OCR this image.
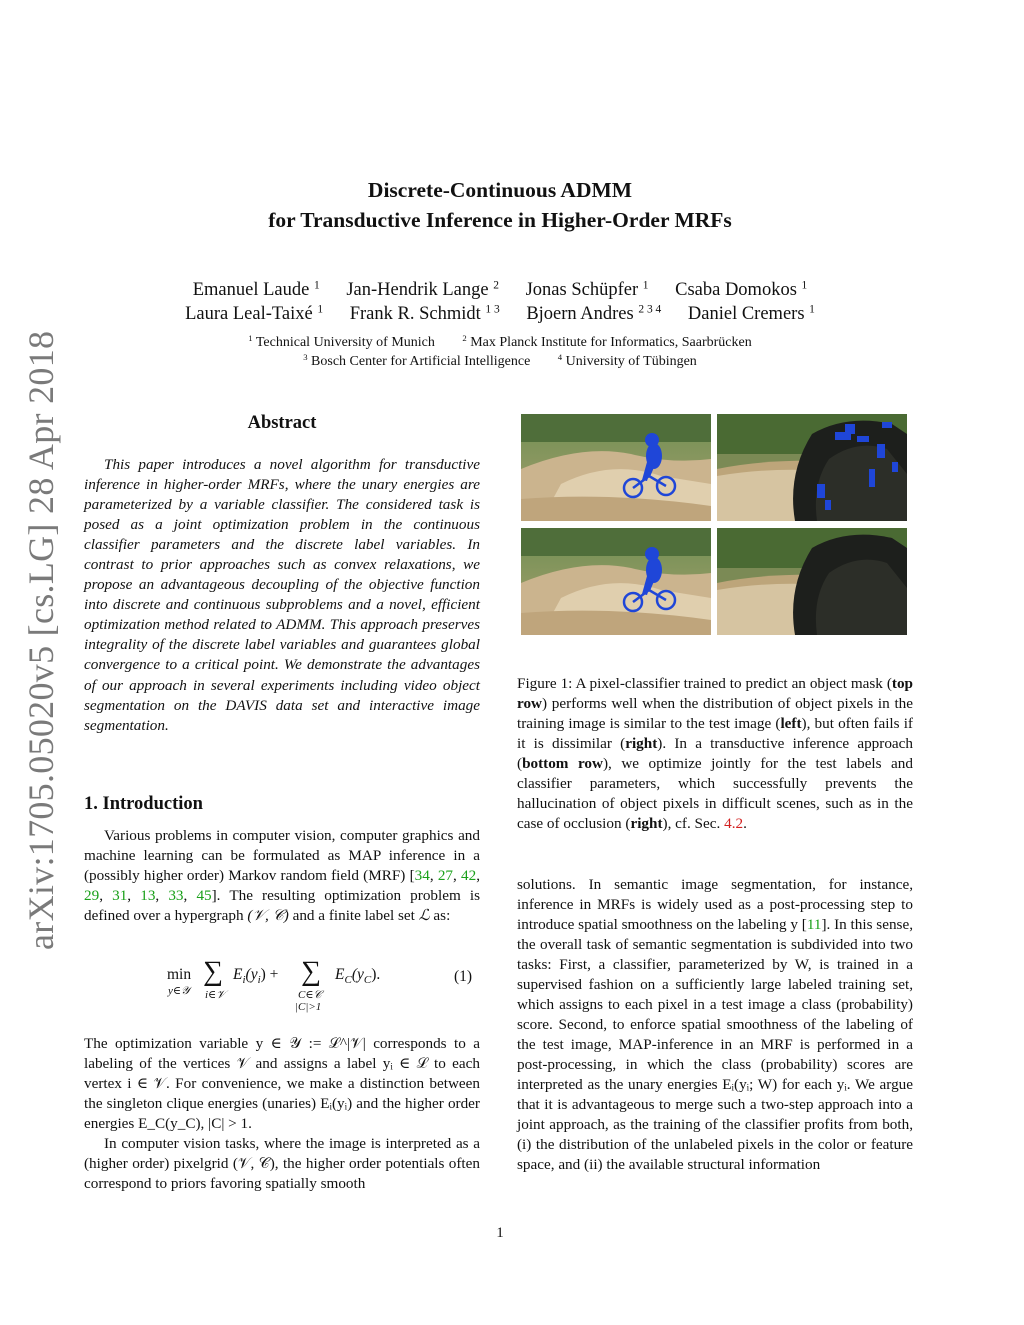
arXiv:1705.05020v5 [cs.LG] 28 Apr 2018
Discrete-Continuous ADMM
for Transductive Inference in Higher-Order MRFs
Emanuel Laude $^1$ Jan-Hendrik Lange $^2$ Jonas Schüpfer $^1$ Csaba Domokos $^1$
Laura Leal-Taixé $^1$ Frank R. Schmidt $^{1 3}$ Bjoern Andres $^{2 3 4}$ Daniel Cremers $^1$
$^1$ Technical University of Munich	$^2$ Max Planck Institute for Informatics, Saarbrücken
$^3$ Bosch Center for Artificial Intelligence	$^4$ University of Tübingen
Abstract
This paper introduces a novel algorithm for transductive inference in higher-order MRFs, where the unary energies are parameterized by a variable classifier. The considered task is posed as a joint optimization problem in the continuous classifier parameters and the discrete label variables. In contrast to prior approaches such as convex relaxations, we propose an advantageous decoupling of the objective function into discrete and continuous subproblems and a novel, efficient optimization method related to ADMM. This approach preserves integrality of the discrete label variables and guarantees global convergence to a critical point. We demonstrate the advantages of our approach in several experiments including video object segmentation on the DAVIS data set and interactive image segmentation.
1. Introduction
Various problems in computer vision, computer graphics and machine learning can be formulated as MAP inference in a (possibly higher order) Markov random field (MRF) [34, 27, 42, 29, 31, 13, 33, 45]. The resulting optimization problem is defined over a hypergraph (𝒱, 𝒞) and a finite label set ℒ as:
min
y∈𝒴
∑
i∈𝒱
$E_i(y_i)$ + ∑
C∈𝒞
|C|>1
$E_C(y_C)$.	(1)
The optimization variable y ∈ 𝒴 := ℒ^|𝒱| corresponds to a labeling of the vertices 𝒱 and assigns a label yᵢ ∈ ℒ to each vertex i ∈ 𝒱. For convenience, we make a distinction between the singleton clique energies (unaries) Eᵢ(yᵢ) and the higher order energies E_C(y_C), |C| > 1.
In computer vision tasks, where the image is interpreted as a (higher order) pixelgrid (𝒱, 𝒞), the higher order potentials often correspond to priors favoring spatially smooth
Figure 1: A pixel-classifier trained to predict an object mask (top row) performs well when the distribution of object pixels in the training image is similar to the test image (left), but often fails if it is dissimilar (right). In a transductive inference approach (bottom row), we optimize jointly for the test labels and classifier parameters, which successfully prevents the hallucination of object pixels in difficult scenes, such as in the case of occlusion (right), cf. Sec. 4.2.
solutions. In semantic image segmentation, for instance, inference in MRFs is widely used as a post-processing step to introduce spatial smoothness on the labeling y [11]. In this sense, the overall task of semantic segmentation is subdivided into two tasks: First, a classifier, parameterized by W, is trained in a supervised fashion on a sufficiently large labeled training set, which assigns to each pixel in a test image a class (probability) score. Second, to enforce spatial smoothness of the labeling of the test image, MAP-inference in an MRF is performed in a post-processing, in which the class (probability) scores are interpreted as the unary energies Eᵢ(yᵢ; W) for each yᵢ. We argue that it is advantageous to merge such a two-step approach into a joint approach, as the training of the classifier profits from both, (i) the distribution of the unlabeled pixels in the color or feature space, and (ii) the available structural information
1
